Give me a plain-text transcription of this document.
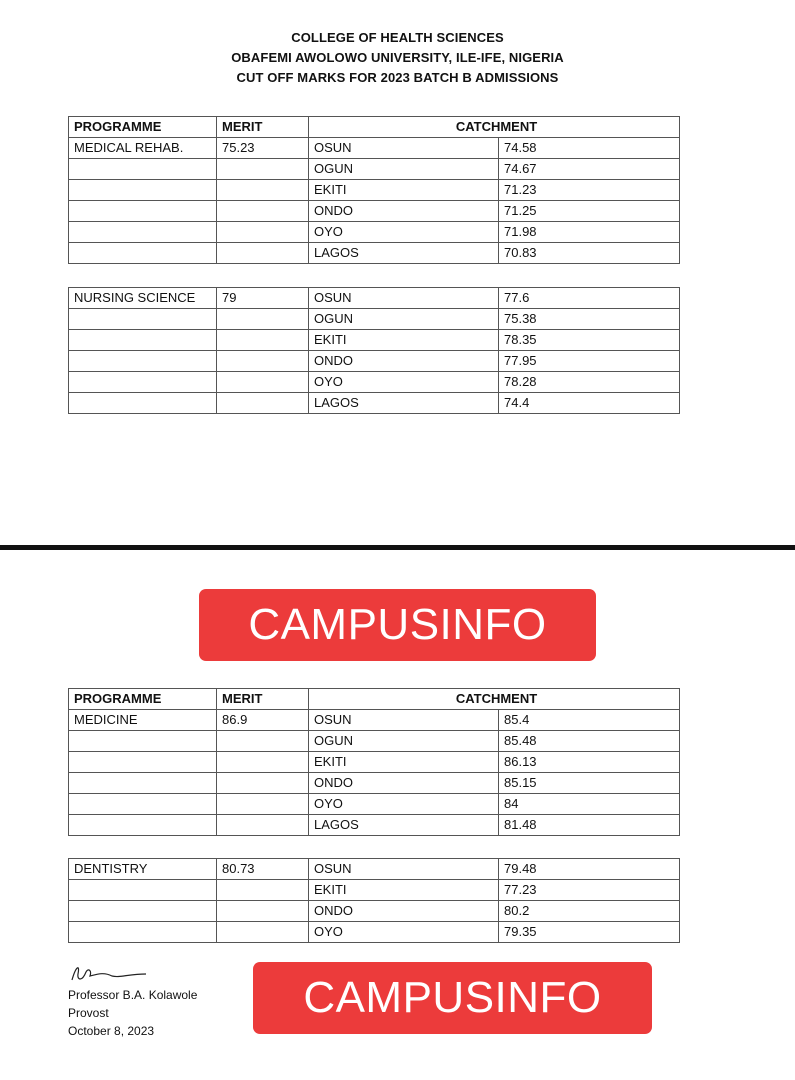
COLLEGE OF HEALTH SCIENCES
OBAFEMI AWOLOWO UNIVERSITY, ILE-IFE, NIGERIA
CUT OFF MARKS FOR 2023 BATCH B ADMISSIONS
PROGRAMME	MERIT	CATCHMENT	
MEDICAL REHAB.	75.23	OSUN	74.58
		OGUN	74.67
		EKITI	71.23
		ONDO	71.25
		OYO	71.98
		LAGOS	70.83
NURSING SCIENCE	79	OSUN	77.6
		OGUN	75.38
		EKITI	78.35
		ONDO	77.95
		OYO	78.28
		LAGOS	74.4
CAMPUSINFO
PROGRAMME	MERIT	CATCHMENT	
MEDICINE	86.9	OSUN	85.4
		OGUN	85.48
		EKITI	86.13
		ONDO	85.15
		OYO	84
		LAGOS	81.48
DENTISTRY	80.73	OSUN	79.48
		EKITI	77.23
		ONDO	80.2
		OYO	79.35
Professor B.A. Kolawole
Provost
October 8, 2023
CAMPUSINFO
